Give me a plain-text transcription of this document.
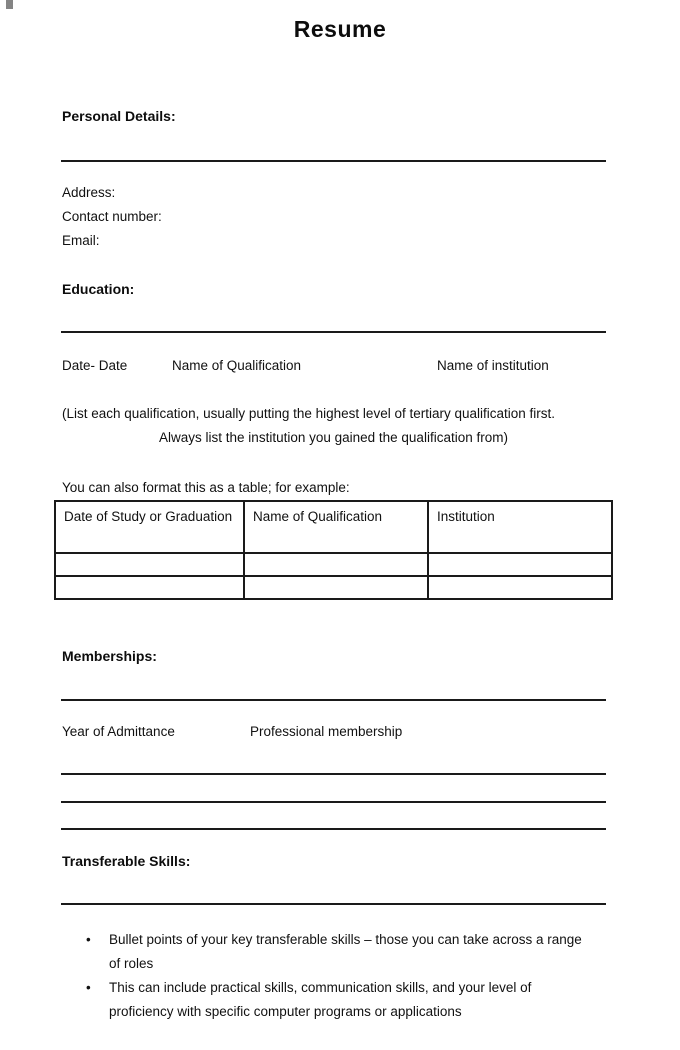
Resume
Personal Details:
Address:
Contact number:
Email:
Education:
Date- Date	Name of Qualification	Name of institution
(List each qualification, usually putting the highest level of tertiary qualification first.
Always list the institution you gained the qualification from)
You can also format this as a table; for example:
Date of Study or Graduation	Name of Qualification	Institution

Memberships:
Year of Admittance	Professional membership
Transferable Skills:
• Bullet points of your key transferable skills – those you can take across a range
of roles
• This can include practical skills, communication skills, and your level of
proficiency with specific computer programs or applications
